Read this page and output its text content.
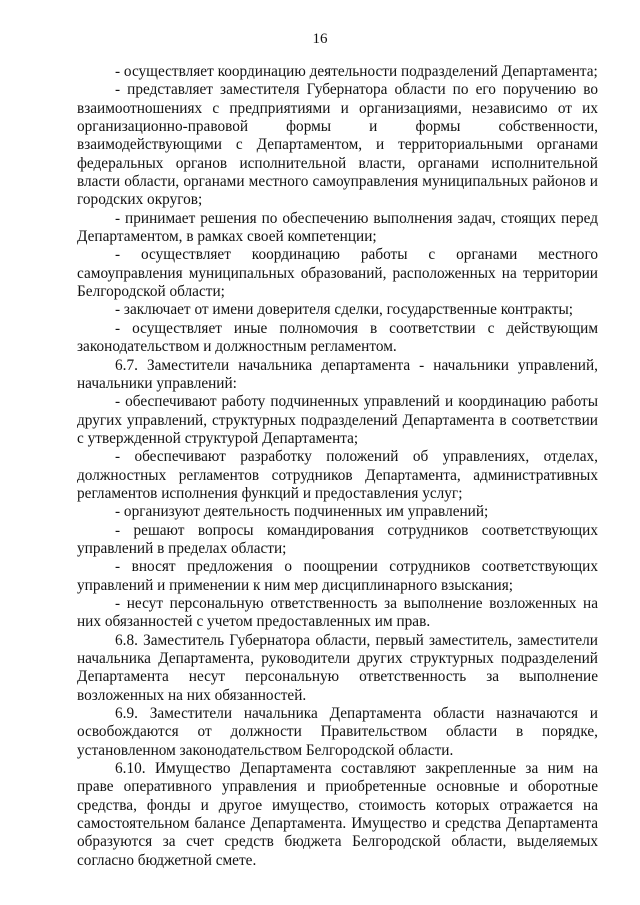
16

- осуществляет координацию деятельности подразделений Департамента;

- представляет заместителя Губернатора области по его поручению во взаимоотношениях с предприятиями и организациями, независимо от их организационно-правовой формы и формы собственности, взаимодействующими с Департаментом, и территориальными органами федеральных органов исполнительной власти, органами исполнительной власти области, органами местного самоуправления муниципальных районов и городских округов;

- принимает решения по обеспечению выполнения задач, стоящих перед Департаментом, в рамках своей компетенции;

- осуществляет координацию работы с органами местного самоуправления муниципальных образований, расположенных на территории Белгородской области;

- заключает от имени доверителя сделки, государственные контракты;

- осуществляет иные полномочия в соответствии с действующим законодательством и должностным регламентом.

6.7. Заместители начальника департамента - начальники управлений, начальники управлений:

- обеспечивают работу подчиненных управлений и координацию работы других управлений, структурных подразделений Департамента в соответствии с утвержденной структурой Департамента;

- обеспечивают разработку положений об управлениях, отделах, должностных регламентов сотрудников Департамента, административных регламентов исполнения функций и предоставления услуг;

- организуют деятельность подчиненных им управлений;

- решают вопросы командирования сотрудников соответствующих управлений в пределах области;

- вносят предложения о поощрении сотрудников соответствующих управлений и применении к ним мер дисциплинарного взыскания;

- несут персональную ответственность за выполнение возложенных на них обязанностей с учетом предоставленных им прав.

6.8. Заместитель Губернатора области, первый заместитель, заместители начальника Департамента, руководители других структурных подразделений Департамента несут персональную ответственность за выполнение возложенных на них обязанностей.

6.9. Заместители начальника Департамента области назначаются и освобождаются от должности Правительством области в порядке, установленном законодательством Белгородской области.

6.10. Имущество Департамента составляют закрепленные за ним на праве оперативного управления и приобретенные основные и оборотные средства, фонды и другое имущество, стоимость которых отражается на самостоятельном балансе Департамента. Имущество и средства Департамента образуются за счет средств бюджета Белгородской области, выделяемых согласно бюджетной смете.
